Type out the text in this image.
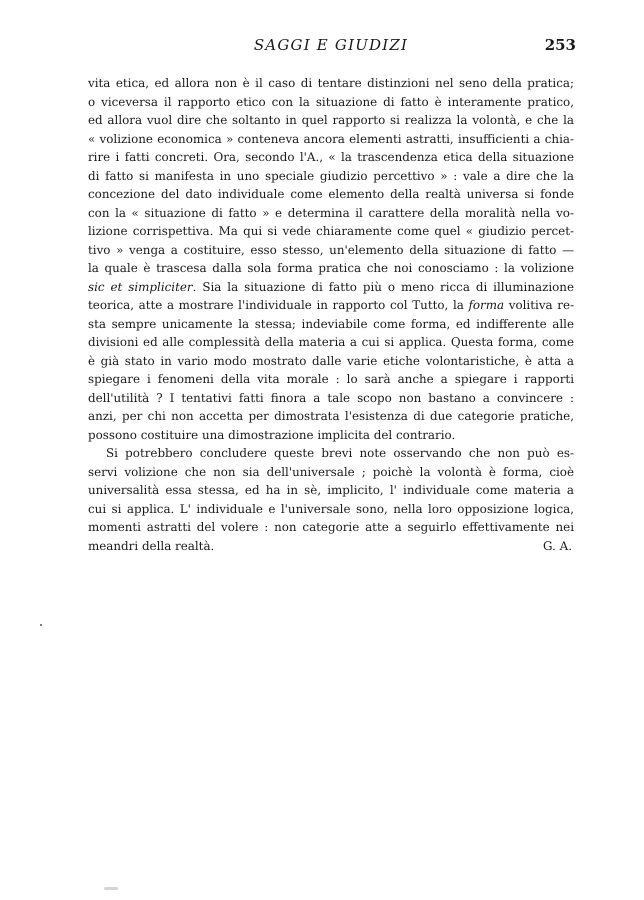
SAGGI E GIUDIZI	253
vita etica, ed allora non è il caso di tentare distinzioni nel seno della pratica;
o viceversa il rapporto etico con la situazione di fatto è interamente pratico,
ed allora vuol dire che soltanto in quel rapporto si realizza la volontà, e che la
« volizione economica » conteneva ancora elementi astratti, insufficienti a chia-
rire i fatti concreti. Ora, secondo l'A., « la trascendenza etica della situazione
di fatto si manifesta in uno speciale giudizio percettivo » : vale a dire che la
concezione del dato individuale come elemento della realtà universa si fonde
con la « situazione di fatto » e determina il carattere della moralità nella vo-
lizione corrispettiva. Ma qui si vede chiaramente come quel « giudizio percet-
tivo » venga a costituire, esso stesso, un'elemento della situazione di fatto —
la quale è trascesa dalla sola forma pratica che noi conosciamo : la volizione
sic et simpliciter. Sia la situazione di fatto più o meno ricca di illuminazione
teorica, atte a mostrare l'individuale in rapporto col Tutto, la forma volitiva re-
sta sempre unicamente la stessa; indeviabile come forma, ed indifferente alle
divisioni ed alle complessità della materia a cui si applica. Questa forma, come
è già stato in vario modo mostrato dalle varie etiche volontaristiche, è atta a
spiegare i fenomeni della vita morale : lo sarà anche a spiegare i rapporti
dell'utilità ? I tentativi fatti finora a tale scopo non bastano a convincere :
anzi, per chi non accetta per dimostrata l'esistenza di due categorie pratiche,
possono costituire una dimostrazione implicita del contrario.
Si potrebbero concludere queste brevi note osservando che non può es-
servi volizione che non sia dell'universale ; poichè la volontà è forma, cioè
universalità essa stessa, ed ha in sè, implicito, l' individuale come materia a
cui si applica. L' individuale e l'universale sono, nella loro opposizione logica,
momenti astratti del volere : non categorie atte a seguirlo effettivamente nei
meandri della realtà.	G. A.
